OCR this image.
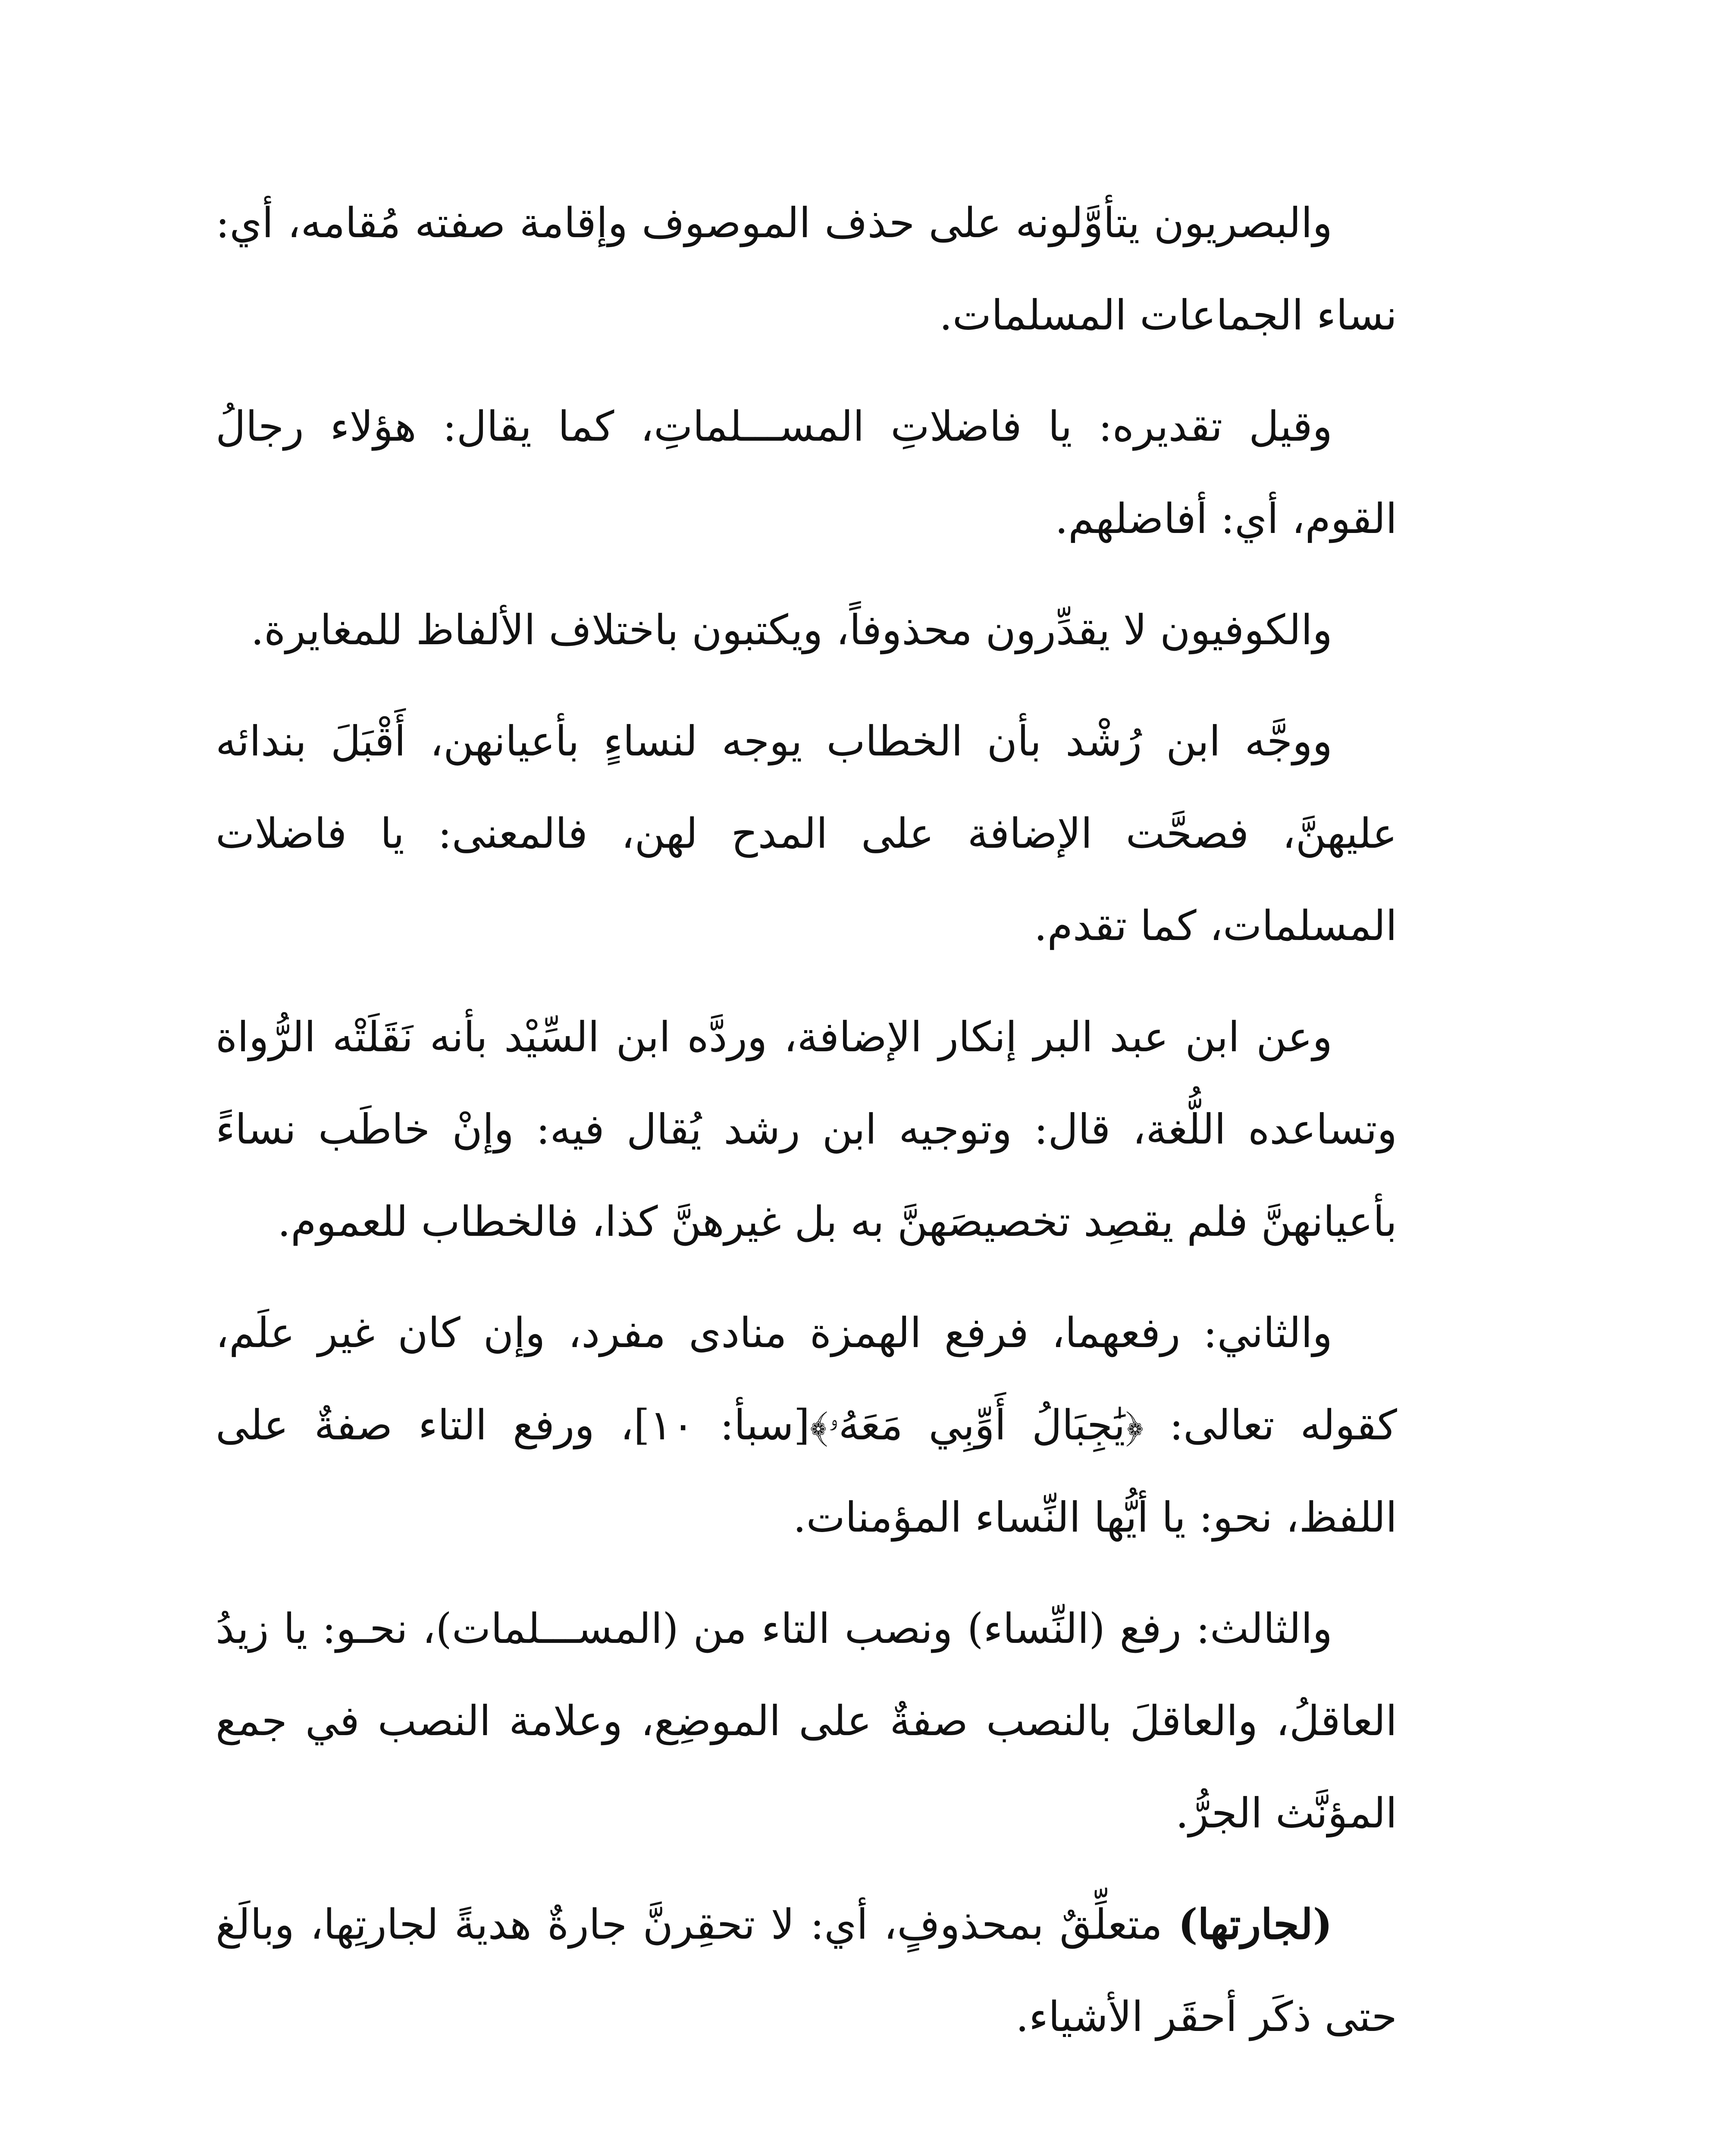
والبصريون يتأوَّلونه على حذف الموصوف وإقامة صفته مُقامه، أي: نساء الجماعات المسلمات.

وقيل تقديره: يا فاضلاتِ المســـلماتِ، كما يقال: هؤلاء رجالُ القوم، أي: أفاضلهم.

والكوفيون لا يقدِّرون محذوفاً، ويكتبون باختلاف الألفاظ للمغايرة.

ووجَّه ابن رُشْد بأن الخطاب يوجه لنساءٍ بأعيانهن، أَقْبَلَ بندائه عليهنَّ، فصحَّت الإضافة على المدح لهن، فالمعنى: يا فاضلات المسلمات، كما تقدم.

وعن ابن عبد البر إنكار الإضافة، وردَّه ابن السِّيْد بأنه نَقَلَتْه الرُّواة وتساعده اللُّغة، قال: وتوجيه ابن رشد يُقال فيه: وإنْ خاطَب نساءً بأعيانهنَّ فلم يقصِد تخصيصَهنَّ به بل غيرهنَّ كذا، فالخطاب للعموم.

والثاني: رفعهما، فرفع الهمزة منادى مفرد، وإن كان غير علَم، كقوله تعالى: ﴿يَٰجِبَالُ أَوِّبِي مَعَهُۥ﴾[سبأ: ١٠]، ورفع التاء صفةٌ على اللفظ، نحو: يا أيُّها النِّساء المؤمنات.

والثالث: رفع (النِّساء) ونصب التاء من (المســـلمات)، نحـو: يا زيدُ العاقلُ، والعاقلَ بالنصب صفةٌ على الموضِع، وعلامة النصب في جمع المؤنَّث الجرُّ.

(لجارتها) متعلِّقٌ بمحذوفٍ، أي: لا تحقِرنَّ جارةٌ هديةً لجارتِها، وبالَغ حتى ذكَر أحقَر الأشياء.
